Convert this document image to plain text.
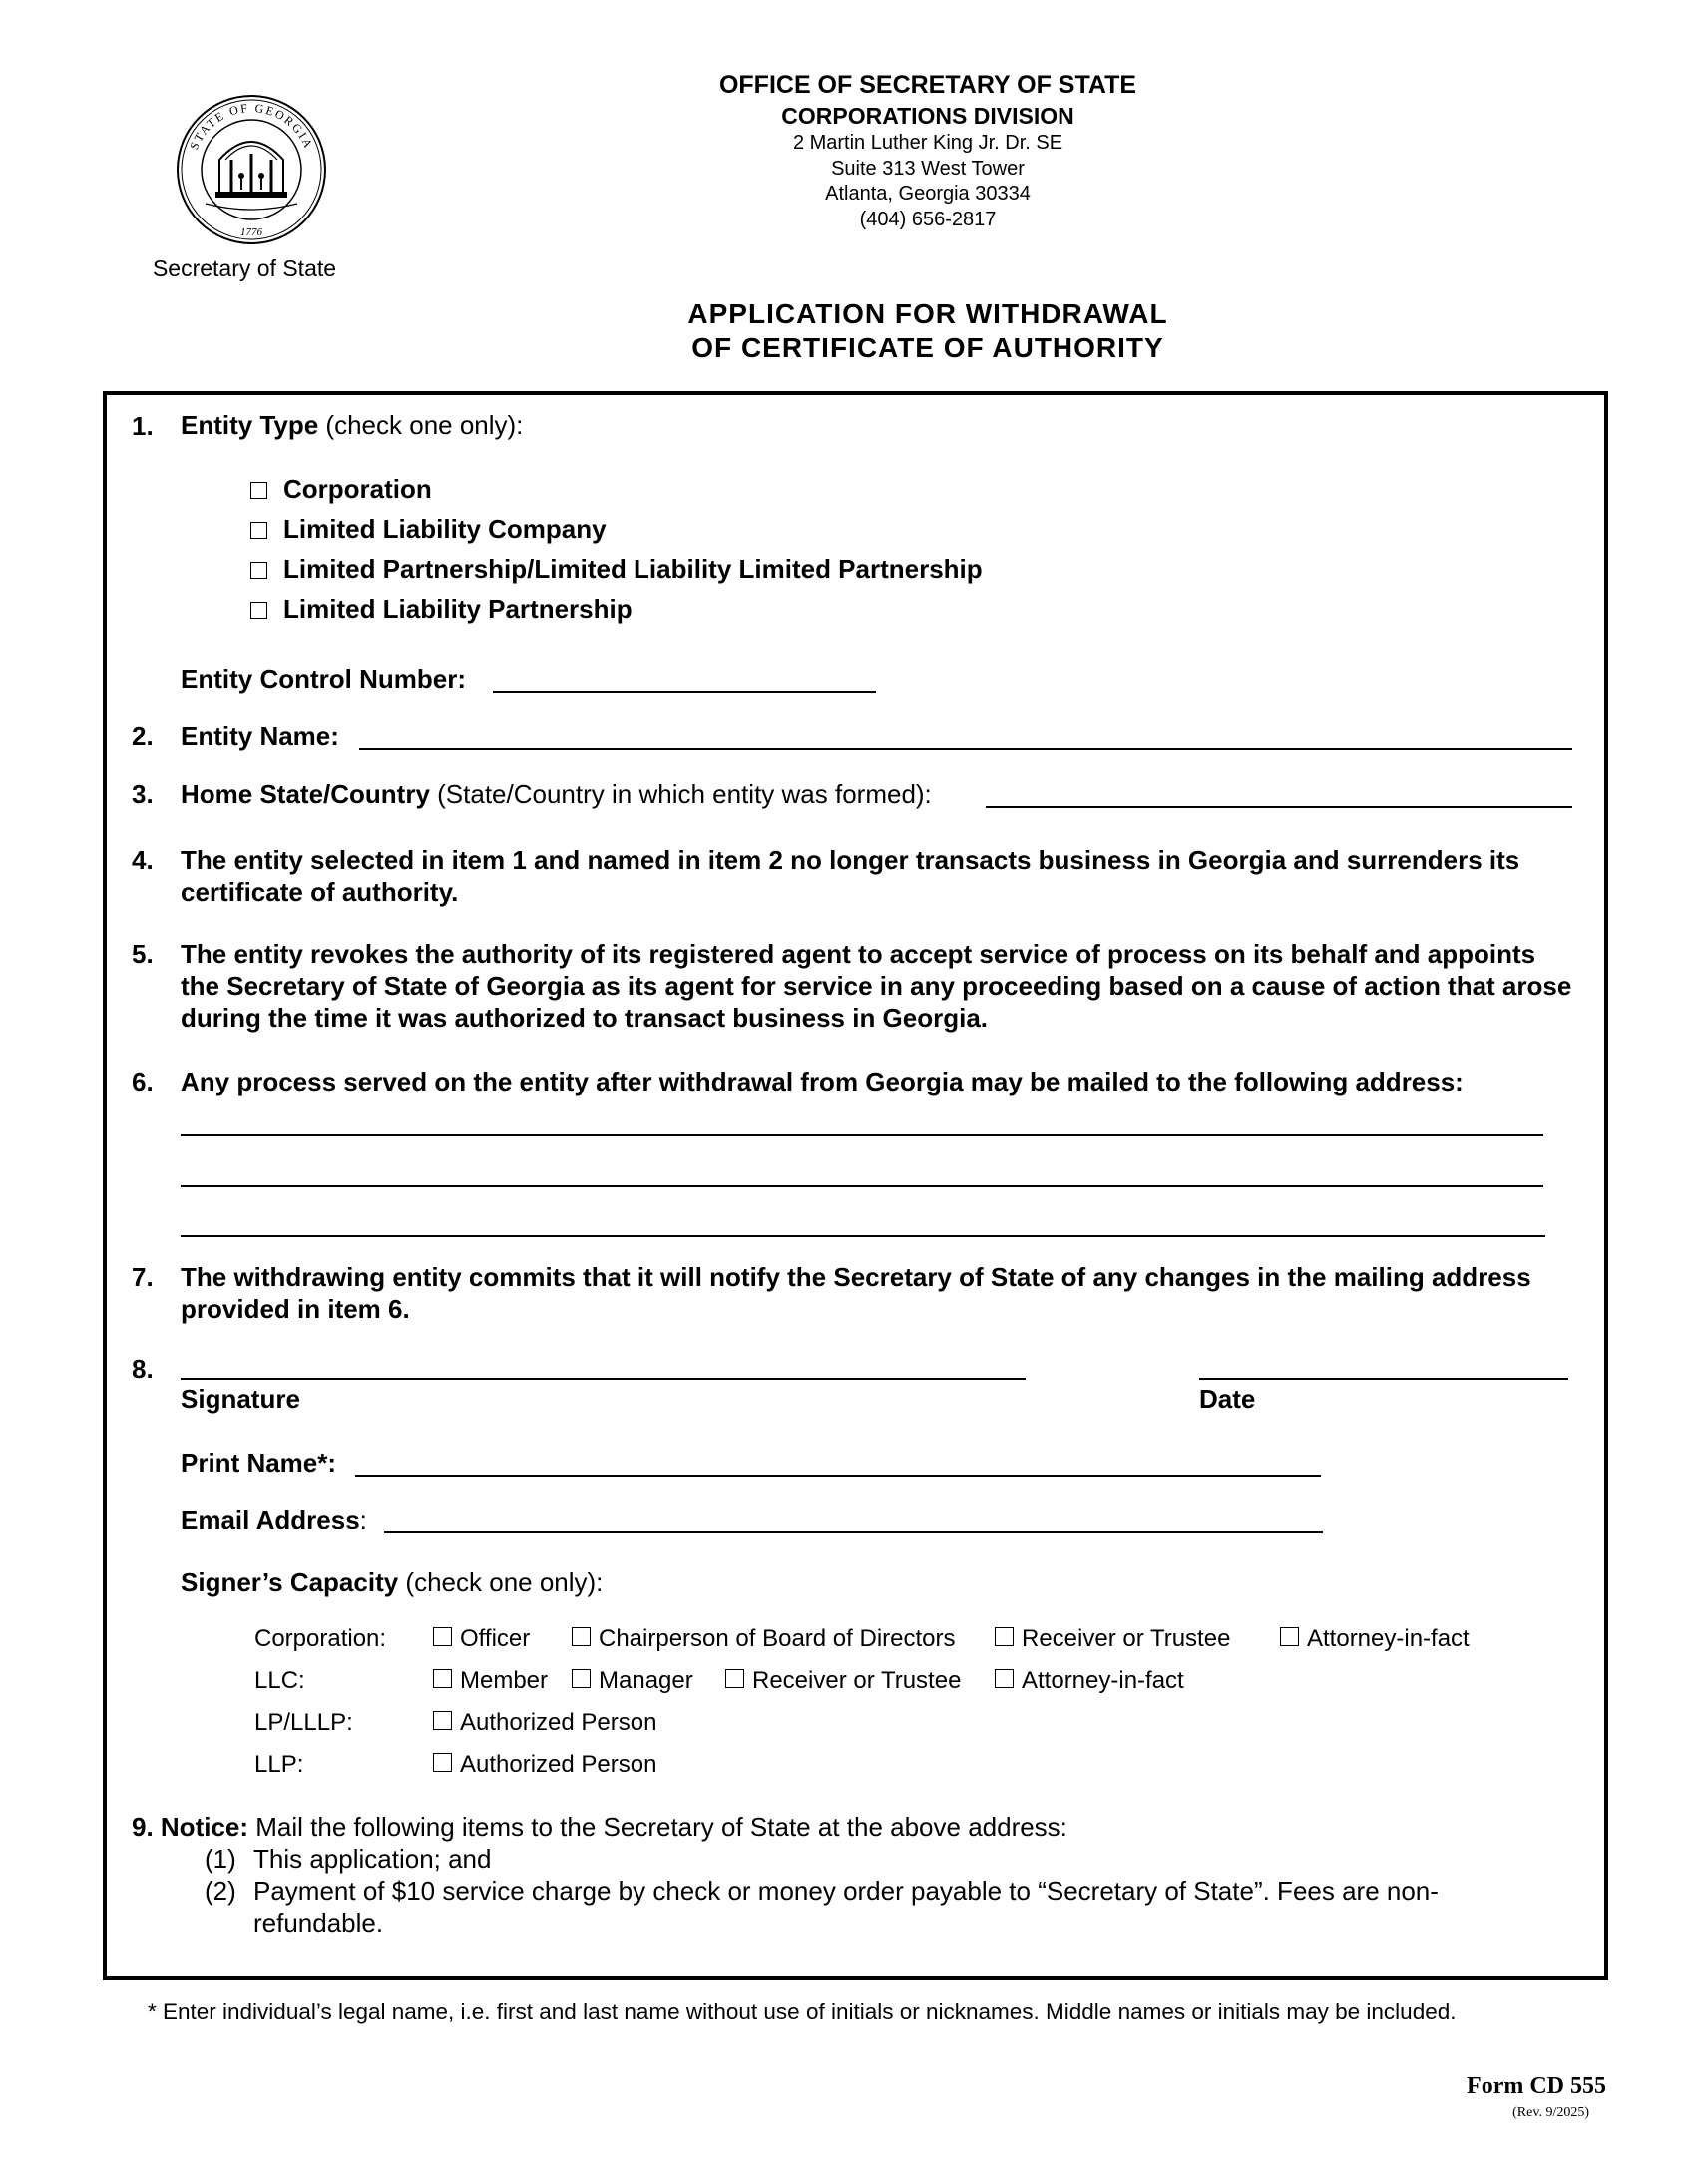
STATE OF GEORGIA
1776
Secretary of State
OFFICE OF SECRETARY OF STATE
CORPORATIONS DIVISION
2 Martin Luther King Jr. Dr. SE
Suite 313 West Tower
Atlanta, Georgia 30334
(404) 656-2817
APPLICATION FOR WITHDRAWAL
OF CERTIFICATE OF AUTHORITY
1. Entity Type (check one only):
Corporation
Limited Liability Company
Limited Partnership/Limited Liability Limited Partnership
Limited Liability Partnership
Entity Control Number:
2. Entity Name:
3. Home State/Country (State/Country in which entity was formed):
4. The entity selected in item 1 and named in item 2 no longer transacts business in Georgia and surrenders its certificate of authority.
5. The entity revokes the authority of its registered agent to accept service of process on its behalf and appoints the Secretary of State of Georgia as its agent for service in any proceeding based on a cause of action that arose during the time it was authorized to transact business in Georgia.
6. Any process served on the entity after withdrawal from Georgia may be mailed to the following address:
7. The withdrawing entity commits that it will notify the Secretary of State of any changes in the mailing address provided in item 6.
8.
Signature	Date
Print Name*:
Email Address:
Signer’s Capacity (check one only):
Corporation:	Officer	Chairperson of Board of Directors	Receiver or Trustee	Attorney-in-fact
LLC:	Member	Manager	Receiver or Trustee	Attorney-in-fact
LP/LLLP:	Authorized Person
LLP:	Authorized Person
9. Notice: Mail the following items to the Secretary of State at the above address:
(1) This application; and
(2) Payment of $10 service charge by check or money order payable to “Secretary of State”. Fees are non-refundable.
* Enter individual’s legal name, i.e. first and last name without use of initials or nicknames. Middle names or initials may be included.
Form CD 555
(Rev. 9/2025)
